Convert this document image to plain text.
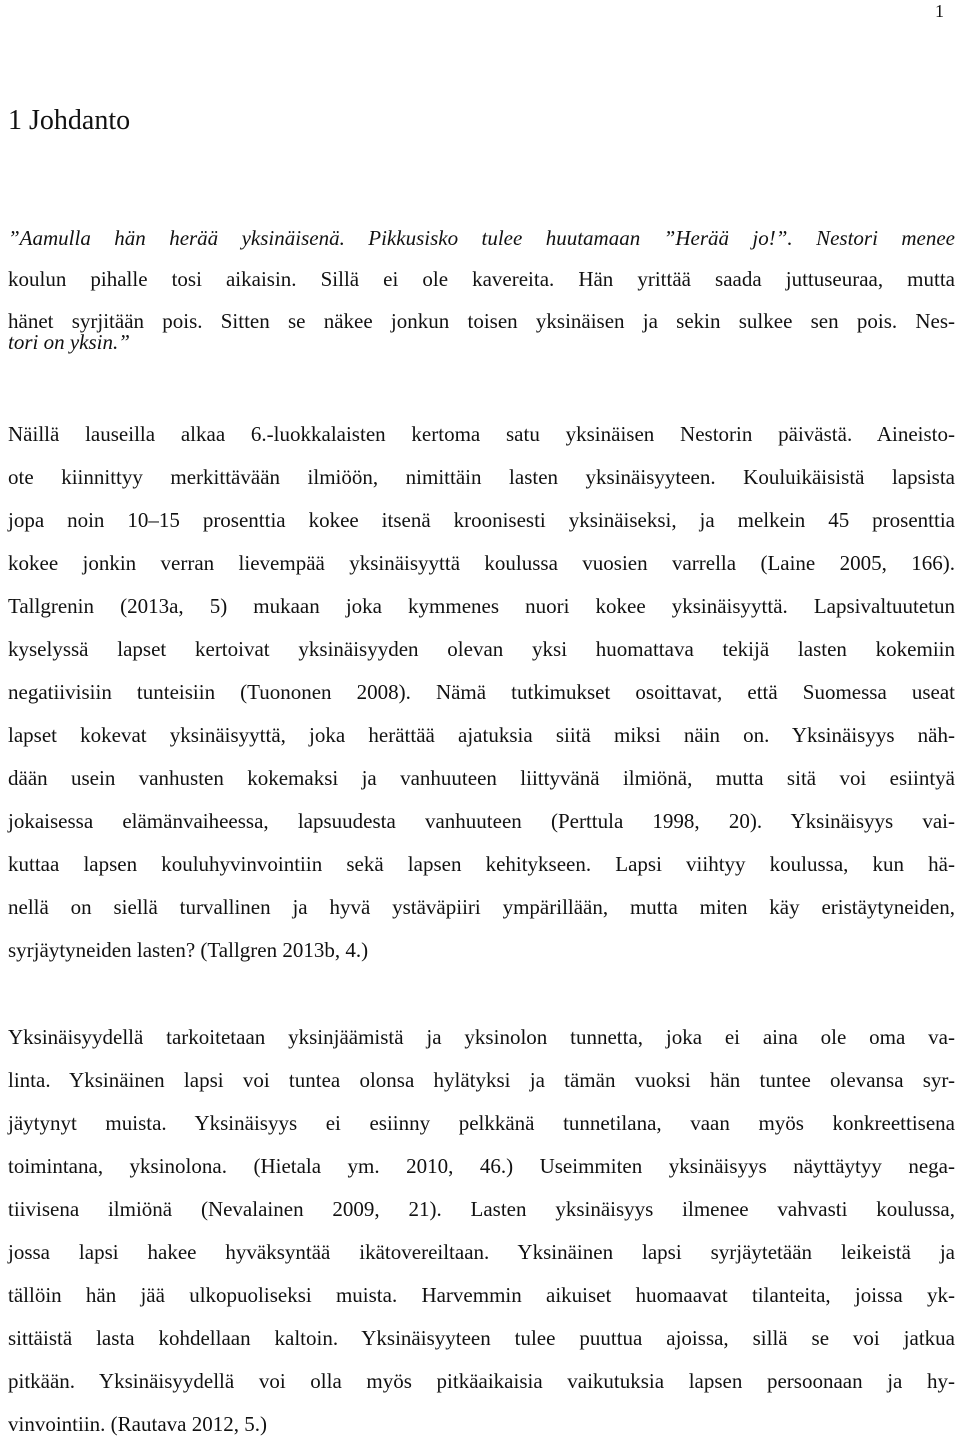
1
1 Johdanto
”Aamulla hän herää yksinäisenä. Pikkusisko tulee huutamaan ”Herää jo!”. Nestori menee
koulun pihalle tosi aikaisin. Sillä ei ole kavereita. Hän yrittää saada juttuseuraa, mutta
hänet syrjitään pois. Sitten se näkee jonkun toisen yksinäisen ja sekin sulkee sen pois. Nes-
tori on yksin.”
Näillä lauseilla alkaa 6.-luokkalaisten kertoma satu yksinäisen Nestorin päivästä. Aineisto-
ote kiinnittyy merkittävään ilmiöön, nimittäin lasten yksinäisyyteen. Kouluikäisistä lapsista
jopa noin 10–15 prosenttia kokee itsenä kroonisesti yksinäiseksi, ja melkein 45 prosenttia
kokee jonkin verran lievempää yksinäisyyttä koulussa vuosien varrella (Laine 2005, 166).
Tallgrenin (2013a, 5) mukaan joka kymmenes nuori kokee yksinäisyyttä. Lapsivaltuutetun
kyselyssä lapset kertoivat yksinäisyyden olevan yksi huomattava tekijä lasten kokemiin
negatiivisiin tunteisiin (Tuononen 2008). Nämä tutkimukset osoittavat, että Suomessa useat
lapset kokevat yksinäisyyttä, joka herättää ajatuksia siitä miksi näin on. Yksinäisyys näh-
dään usein vanhusten kokemaksi ja vanhuuteen liittyvänä ilmiönä, mutta sitä voi esiintyä
jokaisessa elämänvaiheessa, lapsuudesta vanhuuteen (Perttula 1998, 20). Yksinäisyys vai-
kuttaa lapsen kouluhyvinvointiin sekä lapsen kehitykseen. Lapsi viihtyy koulussa, kun hä-
nellä on siellä turvallinen ja hyvä ystäväpiiri ympärillään, mutta miten käy eristäytyneiden,
syrjäytyneiden lasten? (Tallgren 2013b, 4.)
Yksinäisyydellä tarkoitetaan yksinjäämistä ja yksinolon tunnetta, joka ei aina ole oma va-
linta. Yksinäinen lapsi voi tuntea olonsa hylätyksi ja tämän vuoksi hän tuntee olevansa syr-
jäytynyt muista. Yksinäisyys ei esiinny pelkkänä tunnetilana, vaan myös konkreettisena
toimintana, yksinolona. (Hietala ym. 2010, 46.) Useimmiten yksinäisyys näyttäytyy nega-
tiivisena ilmiönä (Nevalainen 2009, 21). Lasten yksinäisyys ilmenee vahvasti koulussa,
jossa lapsi hakee hyväksyntää ikätovereiltaan. Yksinäinen lapsi syrjäytetään leikeistä ja
tällöin hän jää ulkopuoliseksi muista. Harvemmin aikuiset huomaavat tilanteita, joissa yk-
sittäistä lasta kohdellaan kaltoin. Yksinäisyyteen tulee puuttua ajoissa, sillä se voi jatkua
pitkään. Yksinäisyydellä voi olla myös pitkäaikaisia vaikutuksia lapsen persoonaan ja hy-
vinvointiin. (Rautava 2012, 5.)
